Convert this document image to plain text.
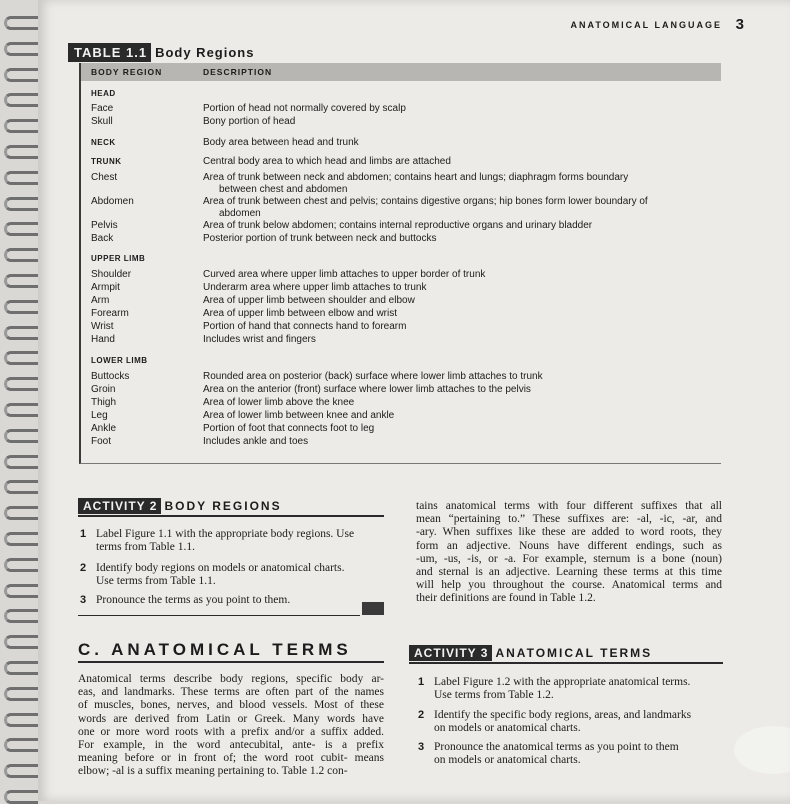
ANATOMICAL LANGUAGE 3
TABLE 1.1 Body Regions
BODY REGION	DESCRIPTION
HEAD
Face	Portion of head not normally covered by scalp
Skull	Bony portion of head
NECK	Body area between head and trunk
TRUNK	Central body area to which head and limbs are attached
Chest	Area of trunk between neck and abdomen; contains heart and lungs; diaphragm forms boundary
between chest and abdomen
Abdomen	Area of trunk between chest and pelvis; contains digestive organs; hip bones form lower boundary of
abdomen
Pelvis	Area of trunk below abdomen; contains internal reproductive organs and urinary bladder
Back	Posterior portion of trunk between neck and buttocks
UPPER LIMB
Shoulder	Curved area where upper limb attaches to upper border of trunk
Armpit	Underarm area where upper limb attaches to trunk
Arm	Area of upper limb between shoulder and elbow
Forearm	Area of upper limb between elbow and wrist
Wrist	Portion of hand that connects hand to forearm
Hand	Includes wrist and fingers
LOWER LIMB
Buttocks	Rounded area on posterior (back) surface where lower limb attaches to trunk
Groin	Area on the anterior (front) surface where lower limb attaches to the pelvis
Thigh	Area of lower limb above the knee
Leg	Area of lower limb between knee and ankle
Ankle	Portion of foot that connects foot to leg
Foot	Includes ankle and toes
ACTIVITY 2 BODY REGIONS
1 Label Figure 1.1 with the appropriate body regions. Use
terms from Table 1.1.
2 Identify body regions on models or anatomical charts.
Use terms from Table 1.1.
3 Pronounce the terms as you point to them.
tains anatomical terms with four different suffixes that all
mean “pertaining to.” These suffixes are: -al, -ic, -ar, and
-ary. When suffixes like these are added to word roots, they
form an adjective. Nouns have different endings, such as
-um, -us, -is, or -a. For example, sternum is a bone (noun)
and sternal is an adjective. Learning these terms at this time
will help you throughout the course. Anatomical terms and
their definitions are found in Table 1.2.
C. ANATOMICAL TERMS
Anatomical terms describe body regions, specific body ar-
eas, and landmarks. These terms are often part of the names
of muscles, bones, nerves, and blood vessels. Most of these
words are derived from Latin or Greek. Many words have
one or more word roots with a prefix and/or a suffix added.
For example, in the word antecubital, ante- is a prefix
meaning before or in front of; the word root cubit- means
elbow; -al is a suffix meaning pertaining to. Table 1.2 con-
ACTIVITY 3 ANATOMICAL TERMS
1 Label Figure 1.2 with the appropriate anatomical terms.
Use terms from Table 1.2.
2 Identify the specific body regions, areas, and landmarks
on models or anatomical charts.
3 Pronounce the anatomical terms as you point to them
on models or anatomical charts.
